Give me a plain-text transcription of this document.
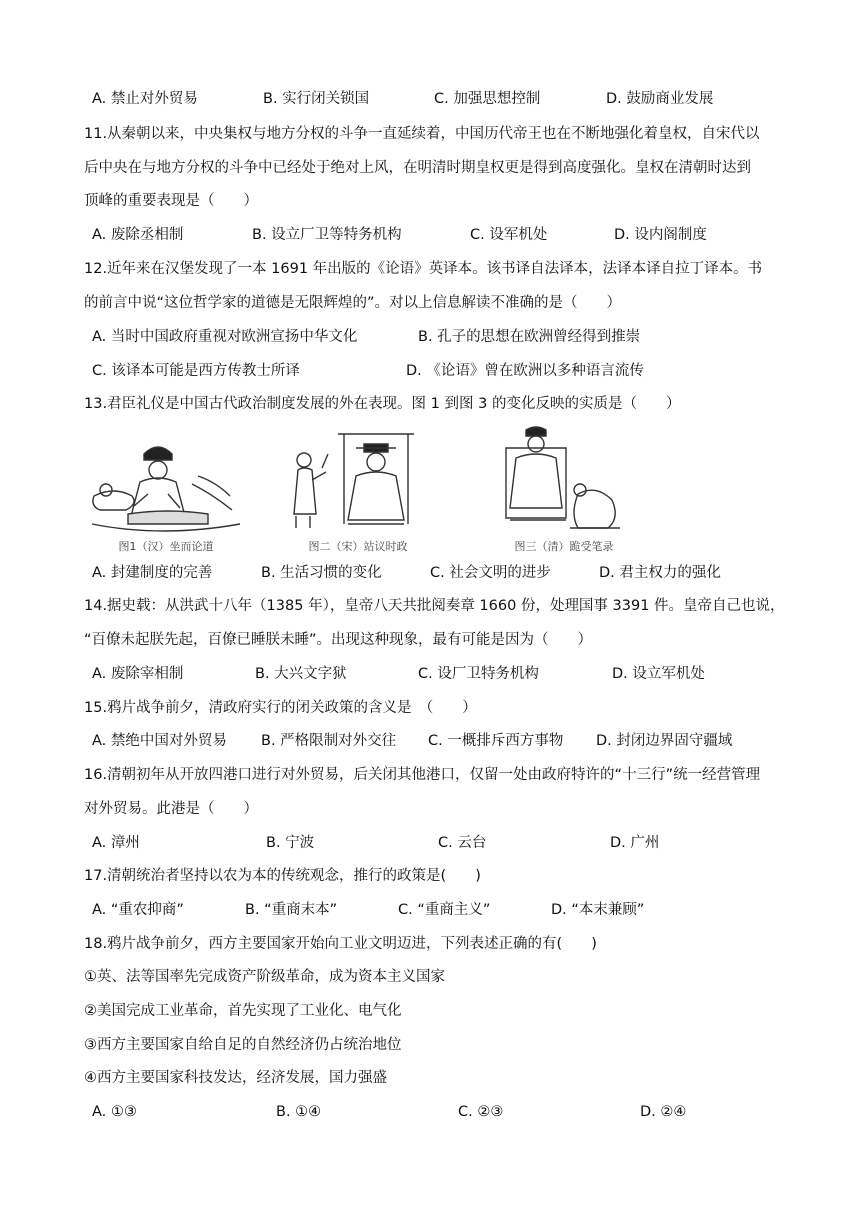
A. 禁止对外贸易	B. 实行闭关锁国	C. 加强思想控制	D. 鼓励商业发展
11.从秦朝以来，中央集权与地方分权的斗争一直延续着，中国历代帝王也在不断地强化着皇权，自宋代以
后中央在与地方分权的斗争中已经处于绝对上风，在明清时期皇权更是得到高度强化。皇权在清朝时达到
顶峰的重要表现是（　　）
A. 废除丞相制	B. 设立厂卫等特务机构	C. 设军机处	D. 设内阁制度
12.近年来在汉堡发现了一本 1691 年出版的《论语》英译本。该书译自法译本，法译本译自拉丁译本。书
的前言中说“这位哲学家的道德是无限辉煌的”。对以上信息解读不准确的是（　　）
A. 当时中国政府重视对欧洲宣扬中华文化	B. 孔子的思想在欧洲曾经得到推崇
C. 该译本可能是西方传教士所译	D. 《论语》曾在欧洲以多种语言流传
13.君臣礼仪是中国古代政治制度发展的外在表现。图 1 到图 3 的变化反映的实质是（　　）
图1（汉）坐而论道	图二（宋）站议时政	图三（清）跪受笔录
A. 封建制度的完善	B. 生活习惯的变化	C. 社会文明的进步	D. 君主权力的强化
14.据史载：从洪武十八年（1385 年），皇帝八天共批阅奏章 1660 份，处理国事 3391 件。皇帝自己也说，
“百僚未起朕先起，百僚已睡朕未睡”。出现这种现象，最有可能是因为（　　）
A. 废除宰相制	B. 大兴文字狱	C. 设厂卫特务机构	D. 设立军机处
15.鸦片战争前夕，清政府实行的闭关政策的含义是　（　　）
A. 禁绝中国对外贸易 B. 严格限制对外交往 C. 一概排斥西方事物 D. 封闭边界固守疆域
16.清朝初年从开放四港口进行对外贸易，后关闭其他港口，仅留一处由政府特许的“十三行”统一经营管理
对外贸易。此港是（　　）
A. 漳州	B. 宁波	C. 云台	D. 广州
17.清朝统治者坚持以农为本的传统观念，推行的政策是(　　)
A. “重农抑商”	B. “重商末本”	C. “重商主义”	D. “本末兼顾”
18.鸦片战争前夕，西方主要国家开始向工业文明迈进，下列表述正确的有(　　)
①英、法等国率先完成资产阶级革命，成为资本主义国家
②美国完成工业革命，首先实现了工业化、电气化
③西方主要国家自给自足的自然经济仍占统治地位
④西方主要国家科技发达，经济发展，国力强盛
A. ①③	B. ①④	C. ②③	D. ②④
